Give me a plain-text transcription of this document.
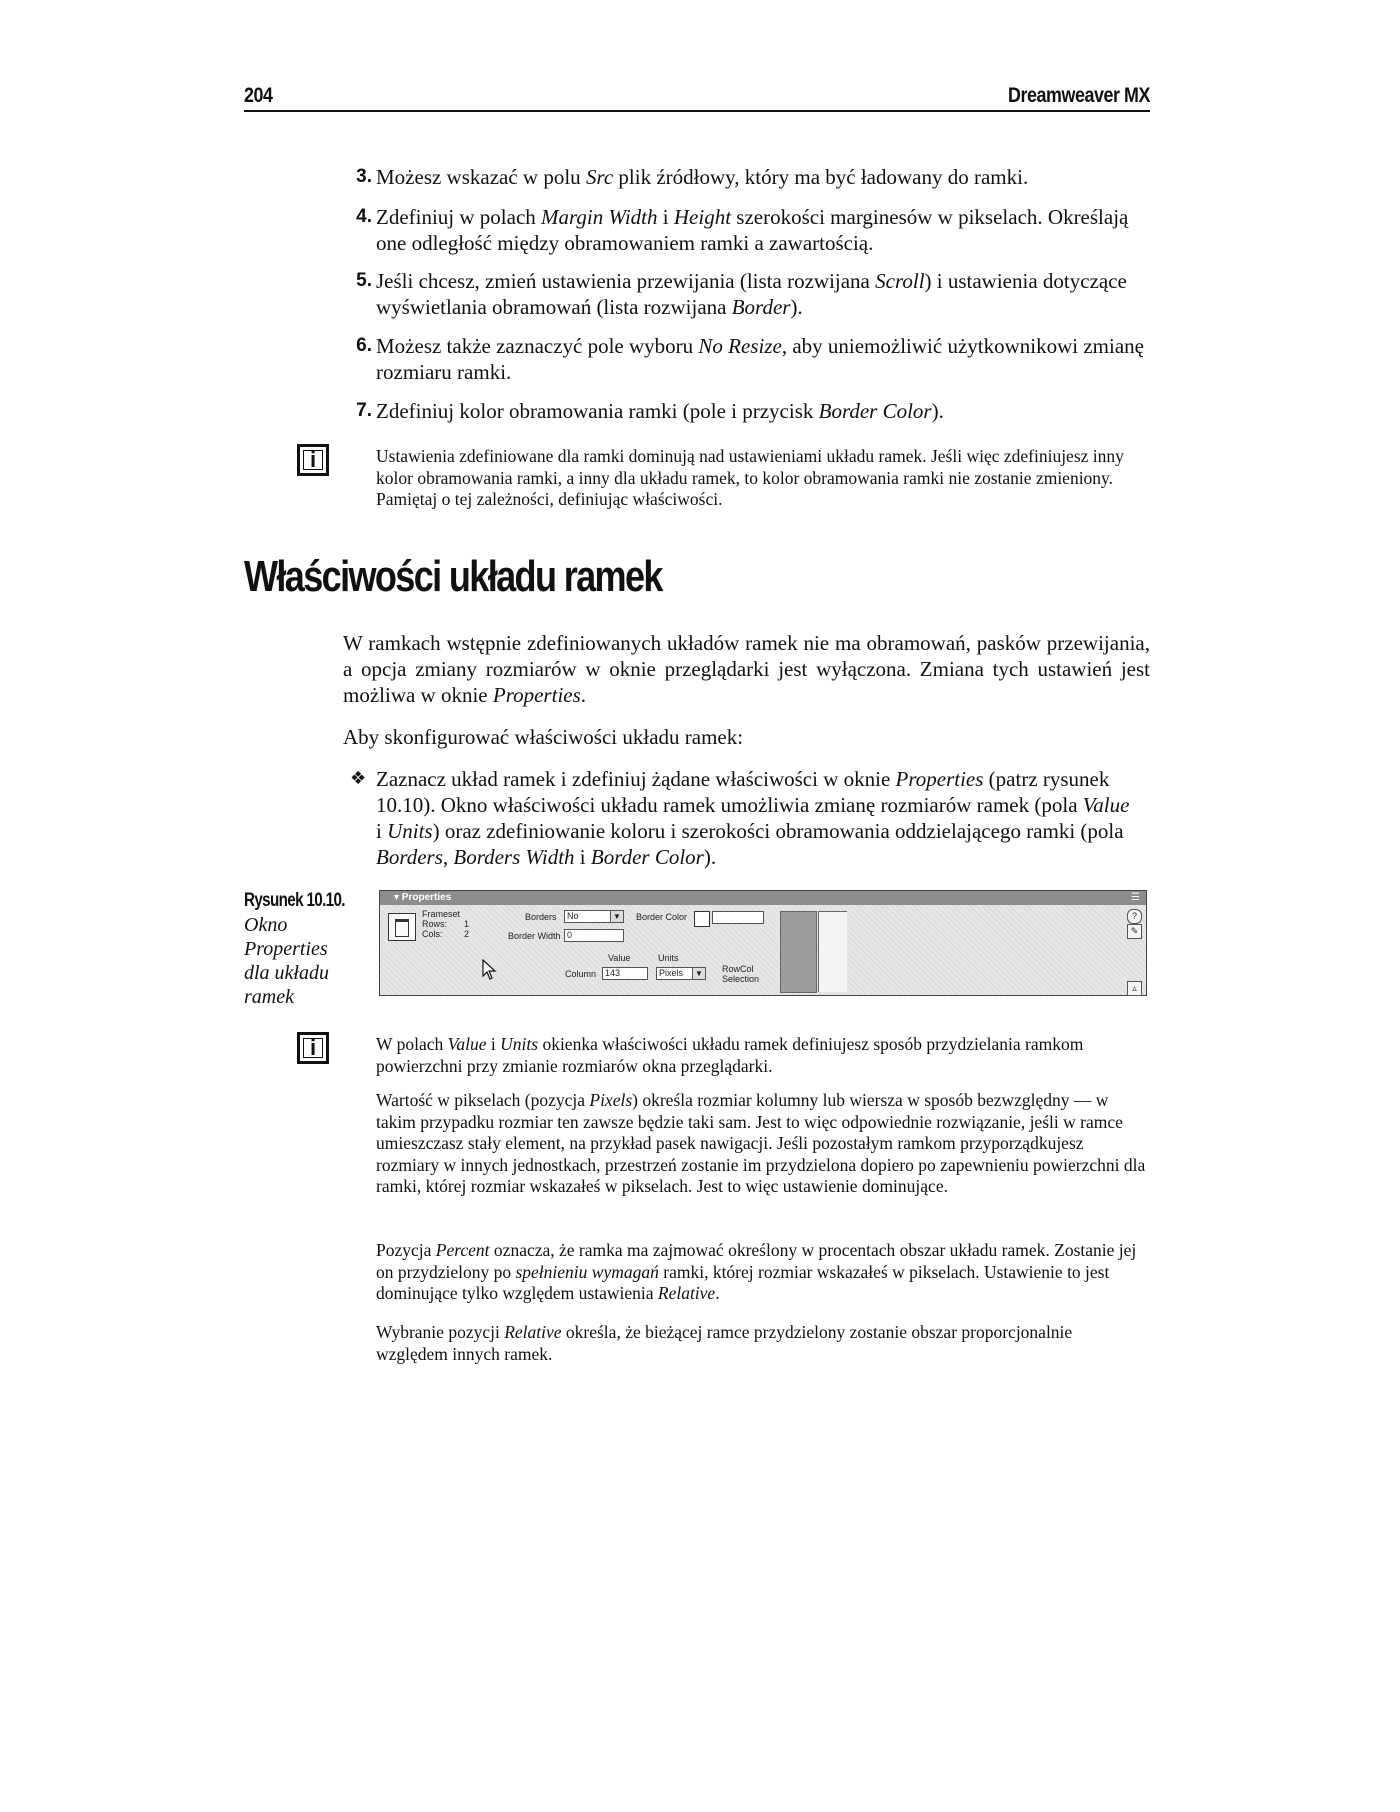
204	Dreamweaver MX
3. Możesz wskazać w polu Src plik źródłowy, który ma być ładowany do ramki.
4. Zdefiniuj w polach Margin Width i Height szerokości marginesów w pikselach. Określają one odległość między obramowaniem ramki a zawartością.
5. Jeśli chcesz, zmień ustawienia przewijania (lista rozwijana Scroll) i ustawienia dotyczące wyświetlania obramowań (lista rozwijana Border).
6. Możesz także zaznaczyć pole wyboru No Resize, aby uniemożliwić użytkownikowi zmianę rozmiaru ramki.
7. Zdefiniuj kolor obramowania ramki (pole i przycisk Border Color).
i	Ustawienia zdefiniowane dla ramki dominują nad ustawieniami układu ramek. Jeśli więc zdefiniujesz inny kolor obramowania ramki, a inny dla układu ramek, to kolor obramowania ramki nie zostanie zmieniony. Pamiętaj o tej zależności, definiując właściwości.
Właściwości układu ramek
W ramkach wstępnie zdefiniowanych układów ramek nie ma obramowań, pasków przewijania, a opcja zmiany rozmiarów w oknie przeglądarki jest wyłączona. Zmiana tych ustawień jest możliwa w oknie Properties.
Aby skonfigurować właściwości układu ramek:
❖ Zaznacz układ ramek i zdefiniuj żądane właściwości w oknie Properties (patrz rysunek 10.10). Okno właściwości układu ramek umożliwia zmianę rozmiarów ramek (pola Value i Units) oraz zdefiniowanie koloru i szerokości obramowania oddzielającego ramki (pola Borders, Borders Width i Border Color).
Rysunek 10.10.
Okno Properties dla układu ramek
▾ Properties	☰
Frameset
Rows: 1
Cols: 2
Borders	No	▼ Border Color
Border Width 0
Value	Units
Column 143	Pixels	▼ RowCol
Selection
?
✎
▵
i	W polach Value i Units okienka właściwości układu ramek definiujesz sposób przydzielania ramkom powierzchni przy zmianie rozmiarów okna przeglądarki.
Wartość w pikselach (pozycja Pixels) określa rozmiar kolumny lub wiersza w sposób bezwzględny — w takim przypadku rozmiar ten zawsze będzie taki sam. Jest to więc odpowiednie rozwiązanie, jeśli w ramce umieszczasz stały element, na przykład pasek nawigacji. Jeśli pozostałym ramkom przyporządkujesz rozmiary w innych jednostkach, przestrzeń zostanie im przydzielona dopiero po zapewnieniu powierzchni dla ramki, której rozmiar wskazałeś w pikselach. Jest to więc ustawienie dominujące.
Pozycja Percent oznacza, że ramka ma zajmować określony w procentach obszar układu ramek. Zostanie jej on przydzielony po spełnieniu wymagań ramki, której rozmiar wskazałeś w pikselach. Ustawienie to jest dominujące tylko względem ustawienia Relative.
Wybranie pozycji Relative określa, że bieżącej ramce przydzielony zostanie obszar proporcjonalnie względem innych ramek.
